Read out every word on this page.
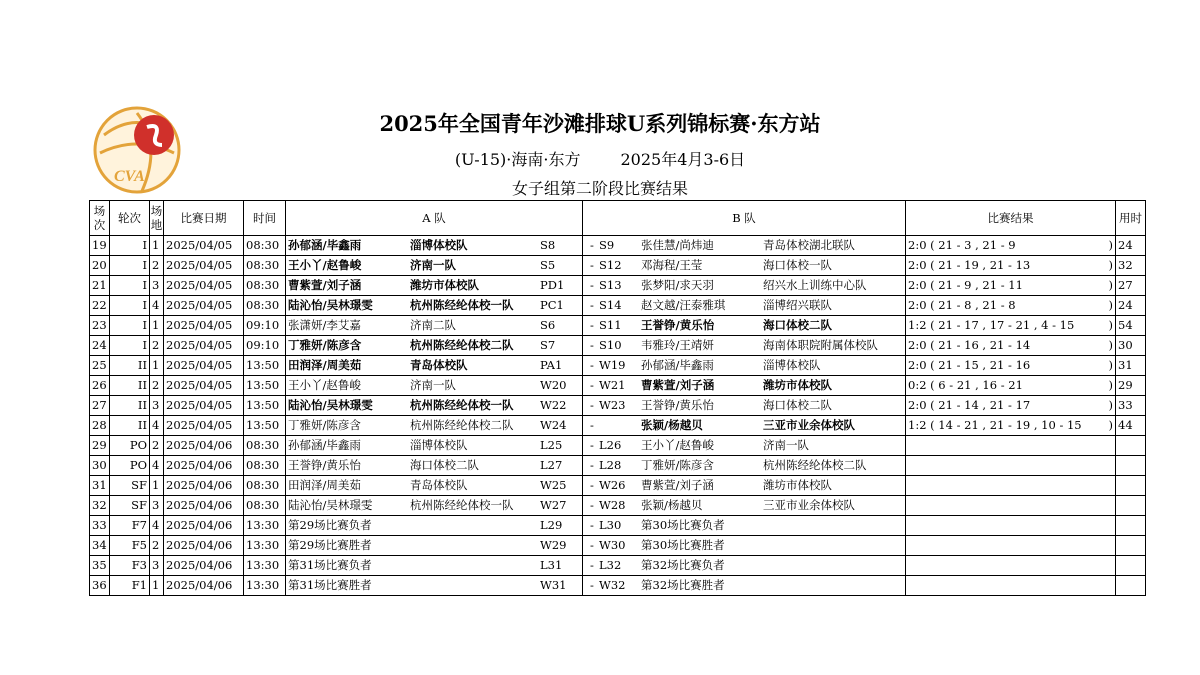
CVA
2025年全国青年沙滩排球U系列锦标赛·东方站
(U-15)·海南·东方	2025年4月3-6日
女子组第二阶段比赛结果
场次	轮次	场地	比赛日期	时间	A 队	B 队	比赛结果	用时
19	I	1	2025/04/05	08:30	孙郁涵/毕鑫雨 淄博体校队 S8	- S9 张佳慧/尚炜迪 青岛体校湖北联队	2:0 ( 21 - 3 , 21 - 9 )	24
20	I	2	2025/04/05	08:30	王小丫/赵鲁峻 济南一队 S5	- S12 邓海程/王莹 海口体校一队	2:0 ( 21 - 19 , 21 - 13 )	32
21	I	3	2025/04/05	08:30	曹紫萱/刘子涵 潍坊市体校队 PD1	- S13 张梦阳/求天羽 绍兴水上训练中心队	2:0 ( 21 - 9 , 21 - 11 )	27
22	I	4	2025/04/05	08:30	陆沁怡/吴林璟雯 杭州陈经纶体校一队 PC1	- S14 赵文越/汪泰雅琪 淄博绍兴联队	2:0 ( 21 - 8 , 21 - 8 )	24
23	I	1	2025/04/05	09:10	张潇妍/李艾嘉 济南二队 S6	- S11 王誉铮/黄乐怡 海口体校二队	1:2 ( 21 - 17 , 17 - 21 , 4 - 15 )	54
24	I	2	2025/04/05	09:10	丁雅妍/陈彦含 杭州陈经纶体校二队 S7	- S10 韦雅玲/王靖妍 海南体职院附属体校队	2:0 ( 21 - 16 , 21 - 14 )	30
25	II	1	2025/04/05	13:50	田润泽/周美茹 青岛体校队 PA1	- W19 孙郁涵/毕鑫雨 淄博体校队	2:0 ( 21 - 15 , 21 - 16 )	31
26	II	2	2025/04/05	13:50	王小丫/赵鲁峻 济南一队 W20	- W21 曹紫萱/刘子涵 潍坊市体校队	0:2 ( 6 - 21 , 16 - 21 )	29
27	II	3	2025/04/05	13:50	陆沁怡/吴林璟雯 杭州陈经纶体校一队 W22	- W23 王誉铮/黄乐怡 海口体校二队	2:0 ( 21 - 14 , 21 - 17 )	33
28	II	4	2025/04/05	13:50	丁雅妍/陈彦含 杭州陈经纶体校二队 W24	- 张颖/杨越贝 三亚市业余体校队	1:2 ( 14 - 21 , 21 - 19 , 10 - 15 )	44
29	PO	2	2025/04/06	08:30	孙郁涵/毕鑫雨 淄博体校队 L25	- L26 王小丫/赵鲁峻 济南一队	

30	PO	4	2025/04/06	08:30	王誉铮/黄乐怡 海口体校二队 L27	- L28 丁雅妍/陈彦含 杭州陈经纶体校二队	

31	SF	1	2025/04/06	08:30	田润泽/周美茹 青岛体校队 W25	- W26 曹紫萱/刘子涵 潍坊市体校队	

32	SF	3	2025/04/06	08:30	陆沁怡/吴林璟雯 杭州陈经纶体校一队 W27	- W28 张颖/杨越贝 三亚市业余体校队	

33	F7	4	2025/04/06	13:30	第29场比赛负者 L29	- L30 第30场比赛负者	

34	F5	2	2025/04/06	13:30	第29场比赛胜者 W29	- W30 第30场比赛胜者	

35	F3	3	2025/04/06	13:30	第31场比赛负者 L31	- L32 第32场比赛负者	

36	F1	1	2025/04/06	13:30	第31场比赛胜者 W31	- W32 第32场比赛胜者	
